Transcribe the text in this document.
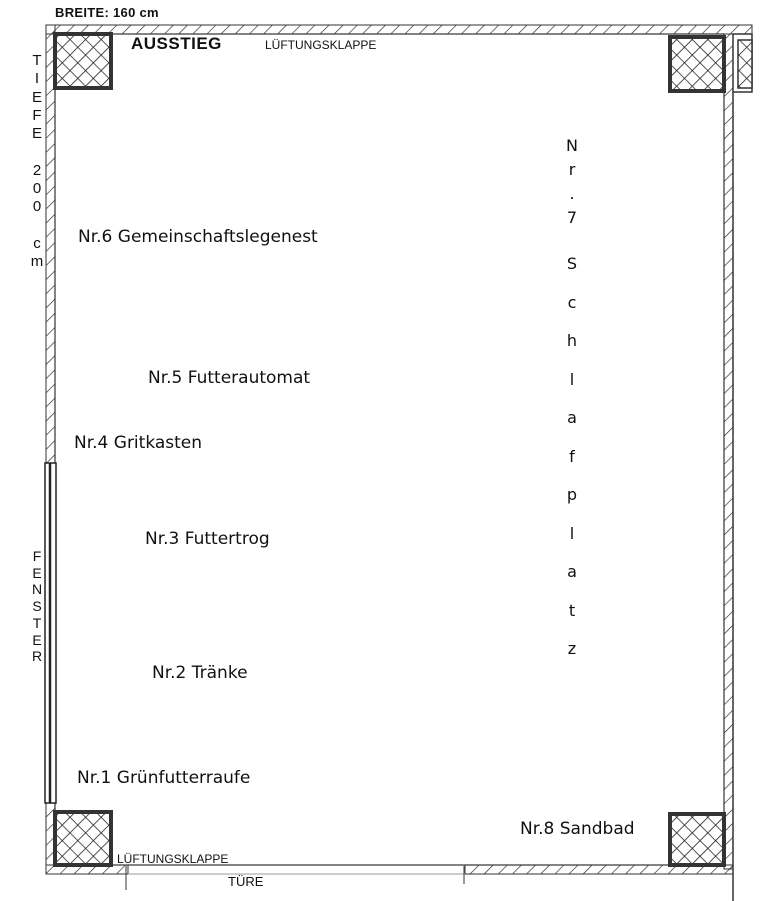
BREITE: 160 cm
T
I
E
F
E

2
0
0

c
m
AUSSTIEG	LÜFTUNGSKLAPPE
LÜFTUNGSKLAPPE
TÜRE
F
E
N
S
T
E
R
Nr.6 Gemeinschaftslegenest
Nr.5 Futterautomat
Nr.4 Gritkasten
Nr.3 Futtertrog
Nr.2 Tränke
Nr.1 Grünfutterraufe
Nr.8 Sandbad
N
r
.
7
S
c
h
l
a
f
p
l
a
t
z
